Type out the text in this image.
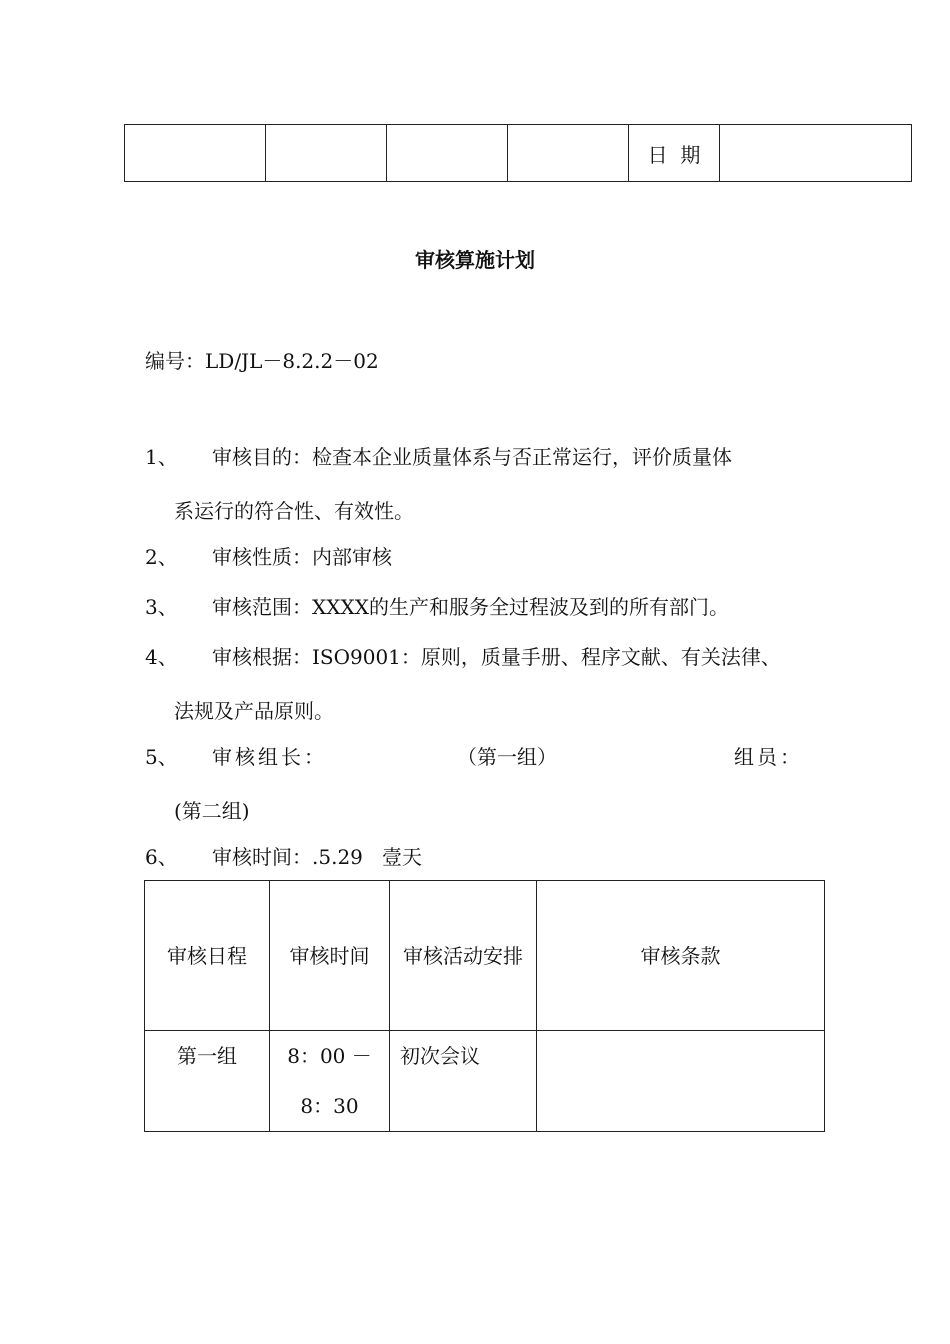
				日  期	
审核算施计划
编号：LD/JL－8.2.2－02
1、 审核目的：检查本企业质量体系与否正常运行，评价质量体
系运行的符合性、有效性。
2、 审核性质：内部审核
3、 审核范围：XXXX的生产和服务全过程波及到的所有部门。
4、 审核根据：ISO9001：原则，质量手册、程序文献、有关法律、
法规及产品原则。
5、 审核组长：	（第一组）	组员：
(第二组)
6、 审核时间：.5.29   壹天
审核日程	审核时间	审核活动安排	审核条款
第一组	8：00 －8：30	初次会议	
